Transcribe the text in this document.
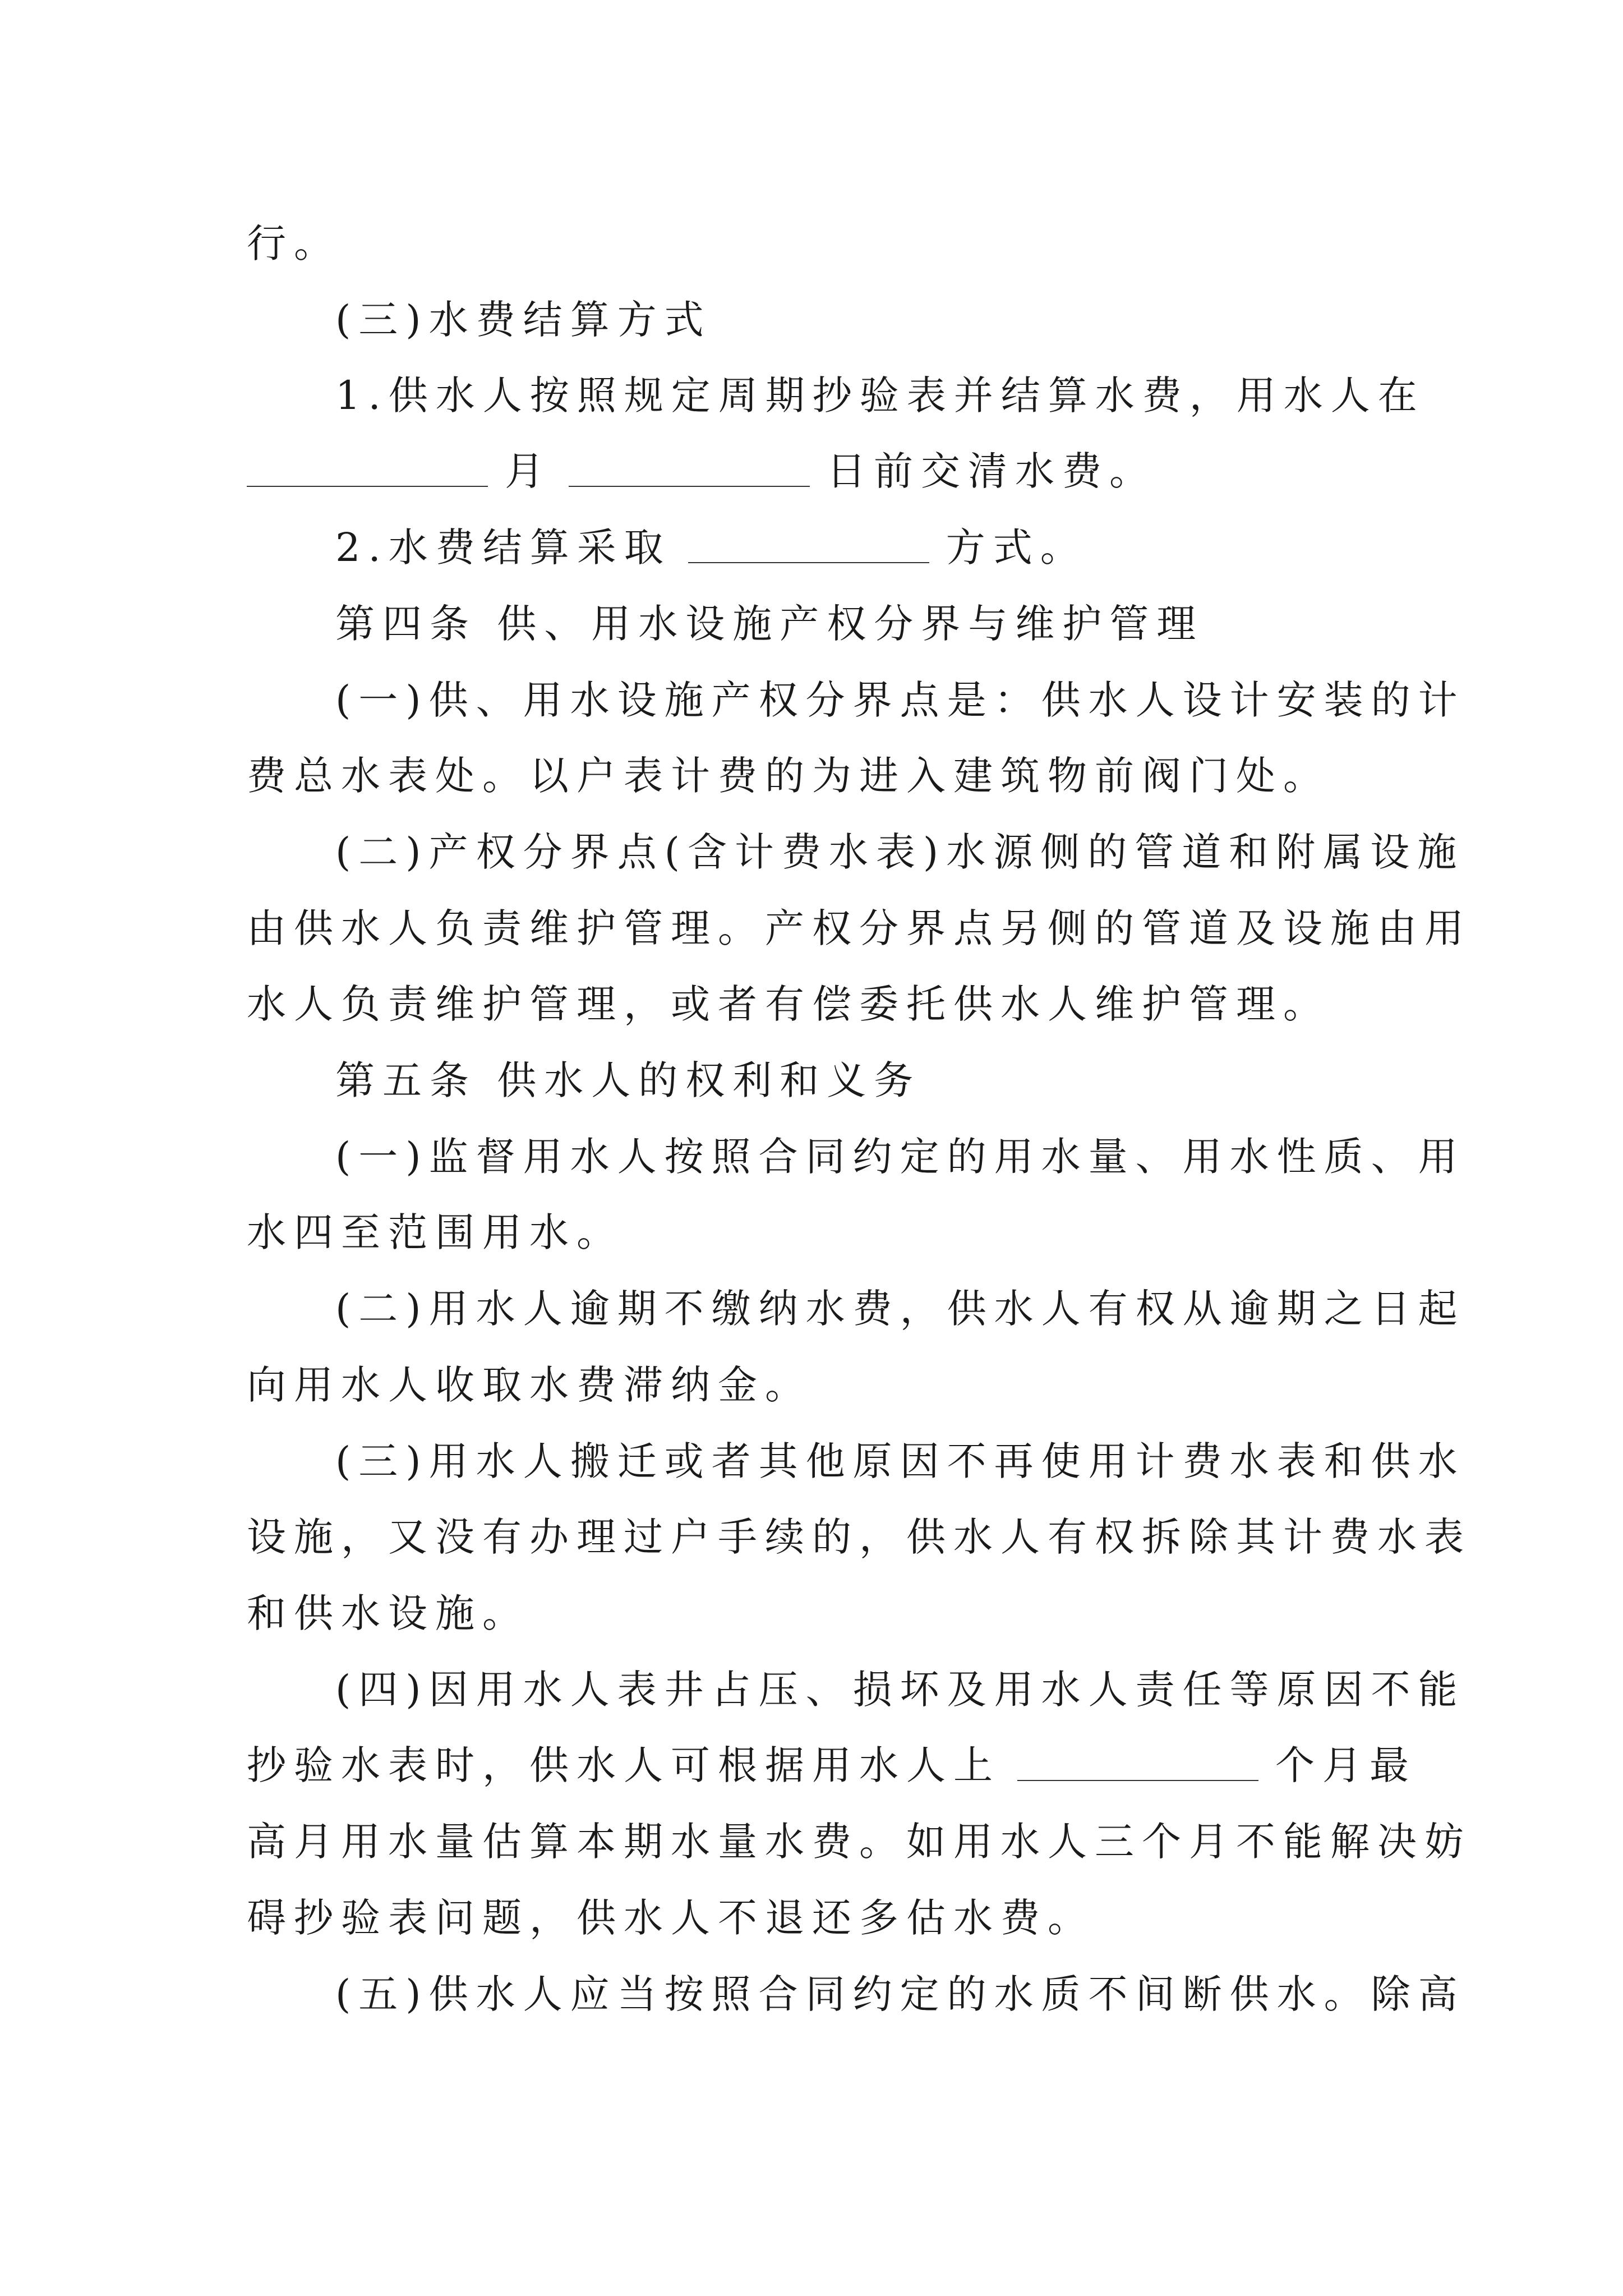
行。
(三)水费结算方式
1.供水人按照规定周期抄验表并结算水费，用水人在
月	日前交清水费。
2.水费结算采取	方式。
第四条 供、用水设施产权分界与维护管理
(一)供、用水设施产权分界点是：供水人设计安装的计
费总水表处。以户表计费的为进入建筑物前阀门处。
(二)产权分界点(含计费水表)水源侧的管道和附属设施
由供水人负责维护管理。产权分界点另侧的管道及设施由用
水人负责维护管理，或者有偿委托供水人维护管理。
第五条 供水人的权利和义务
(一)监督用水人按照合同约定的用水量、用水性质、用
水四至范围用水。
(二)用水人逾期不缴纳水费，供水人有权从逾期之日起
向用水人收取水费滞纳金。
(三)用水人搬迁或者其他原因不再使用计费水表和供水
设施，又没有办理过户手续的，供水人有权拆除其计费水表
和供水设施。
(四)因用水人表井占压、损坏及用水人责任等原因不能
抄验水表时，供水人可根据用水人上	个月最
高月用水量估算本期水量水费。如用水人三个月不能解决妨
碍抄验表问题，供水人不退还多估水费。
(五)供水人应当按照合同约定的水质不间断供水。除高
